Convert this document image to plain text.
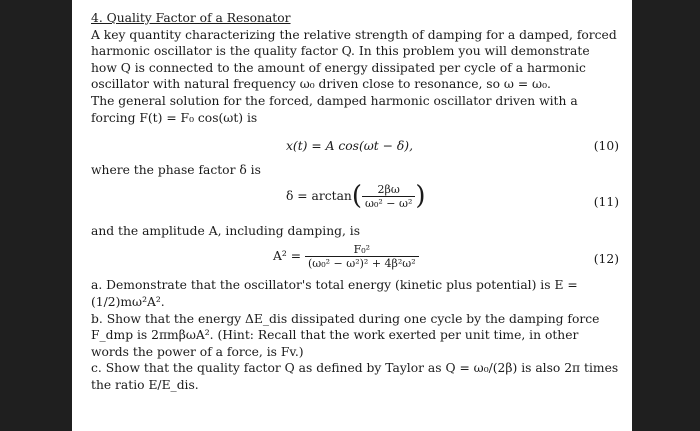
4. Quality Factor of a Resonator

A key quantity characterizing the relative strength of damping for a damped, forced harmonic oscillator is the quality factor Q. In this problem you will demonstrate how Q is connected to the amount of energy dissipated per cycle of a harmonic oscillator with natural frequency ω₀ driven close to resonance, so ω = ω₀.

The general solution for the forced, damped harmonic oscillator driven with a forcing F(t) = F₀ cos(ωt) is

x(t) = A cos(ωt − δ),	(10)

where the phase factor δ is

$\delta = \arctan( \frac{2\beta\omega}{\text{ω₀² − ω²}}$ )	(11)

and the amplitude A, including damping, is

$A^2 = \frac{\text{F₀²}}{\text{(ω₀² − ω²)² + 4β²ω²}}$	(12)

a. Demonstrate that the oscillator's total energy (kinetic plus potential) is E = (1/2)mω²A².

b. Show that the energy ΔE_dis dissipated during one cycle by the damping force F_dmp is 2πmβωA². (Hint: Recall that the work exerted per unit time, in other words the power of a force, is Fv.)

c. Show that the quality factor Q as defined by Taylor as Q = ω₀/(2β) is also 2π times the ratio E/E_dis.
